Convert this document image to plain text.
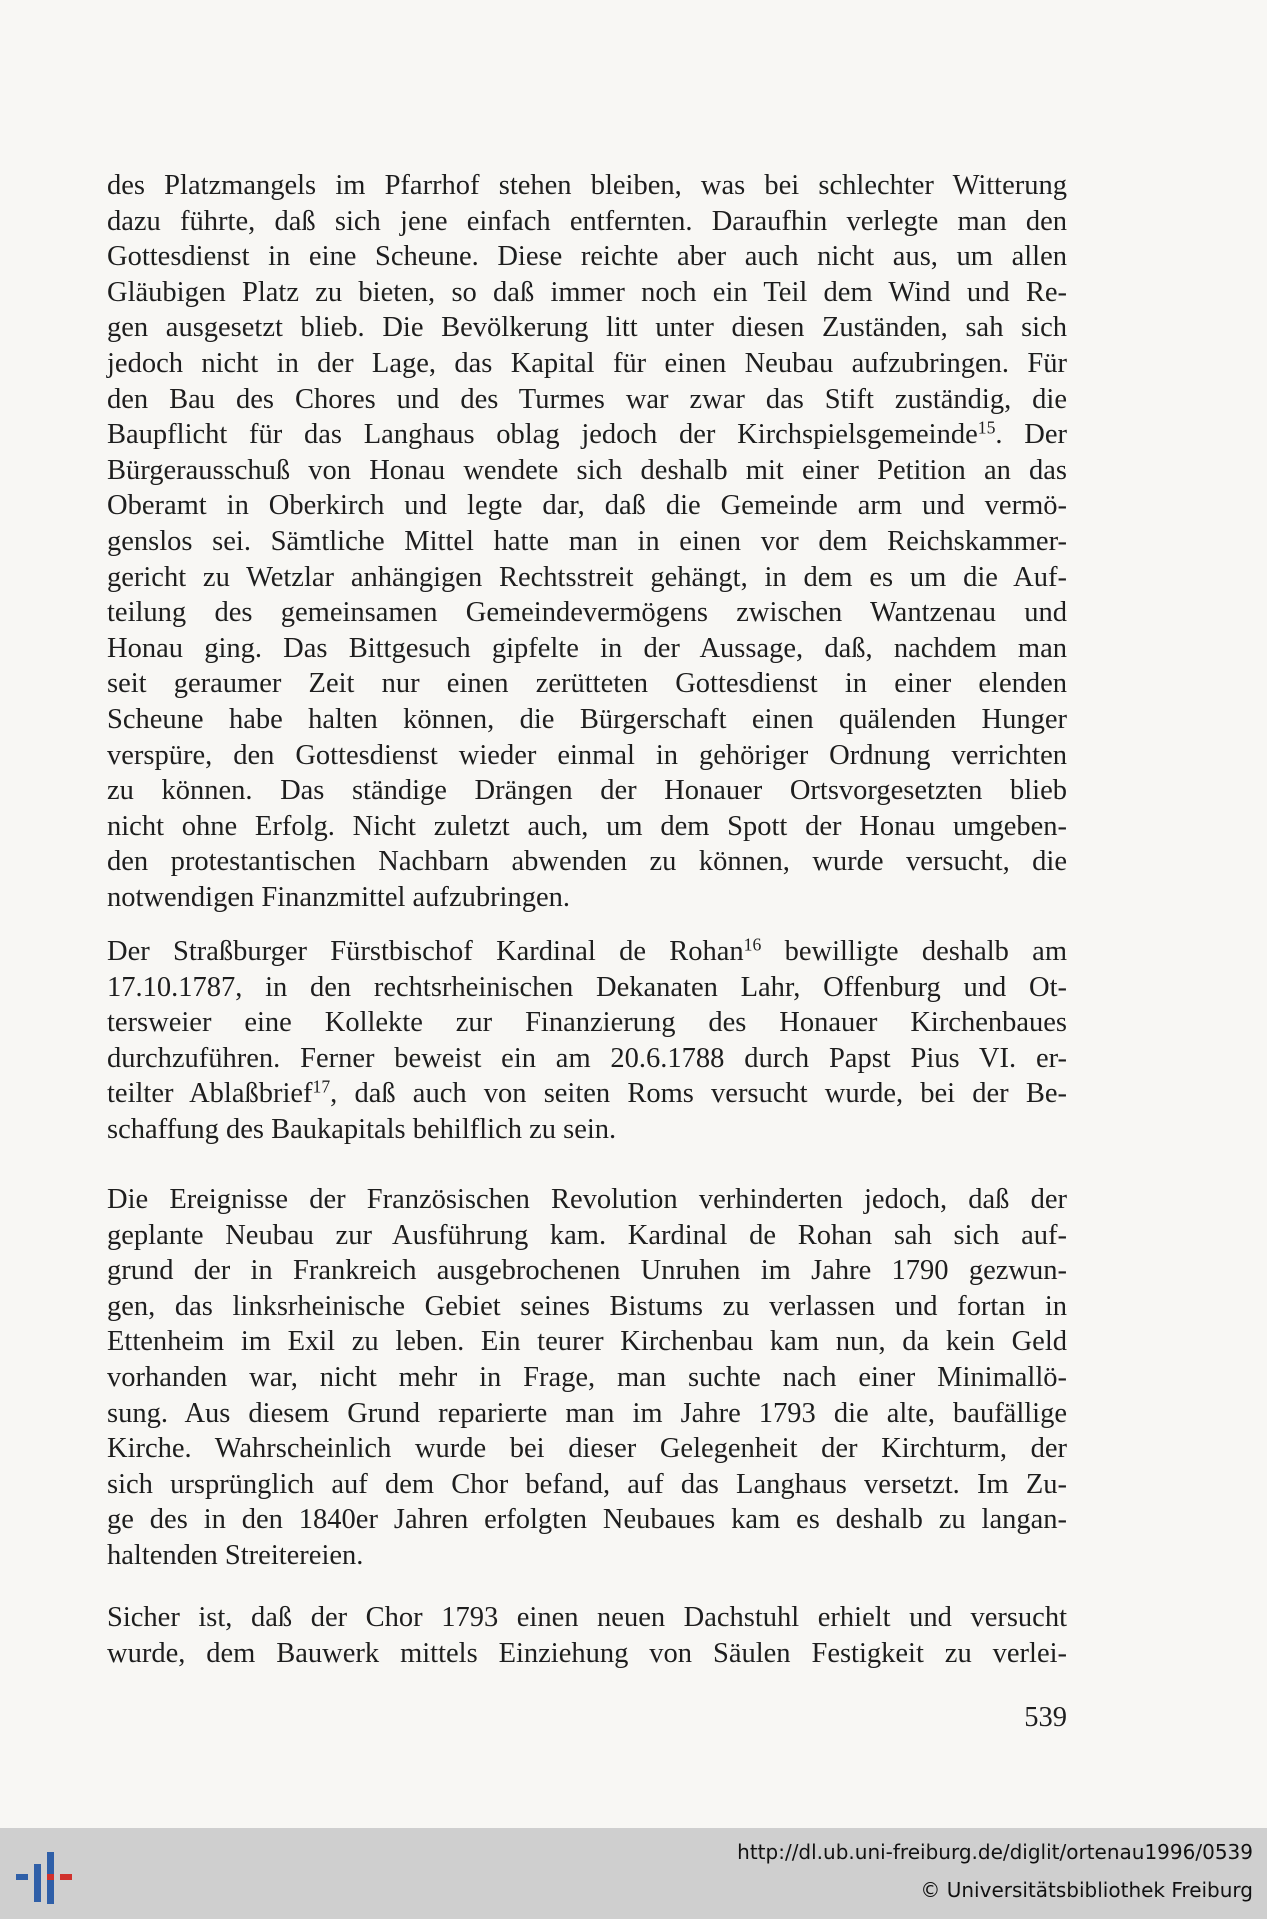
des Platzmangels im Pfarrhof stehen bleiben, was bei schlechter Witterung
dazu führte, daß sich jene einfach entfernten. Daraufhin verlegte man den
Gottesdienst in eine Scheune. Diese reichte aber auch nicht aus, um allen
Gläubigen Platz zu bieten, so daß immer noch ein Teil dem Wind und Re-
gen ausgesetzt blieb. Die Bevölkerung litt unter diesen Zuständen, sah sich
jedoch nicht in der Lage, das Kapital für einen Neubau aufzubringen. Für
den Bau des Chores und des Turmes war zwar das Stift zuständig, die
Baupflicht für das Langhaus oblag jedoch der Kirchspielsgemeinde$^{15}$. Der
Bürgerausschuß von Honau wendete sich deshalb mit einer Petition an das
Oberamt in Oberkirch und legte dar, daß die Gemeinde arm und vermö-
genslos sei. Sämtliche Mittel hatte man in einen vor dem Reichskammer-
gericht zu Wetzlar anhängigen Rechtsstreit gehängt, in dem es um die Auf-
teilung des gemeinsamen Gemeindevermögens zwischen Wantzenau und
Honau ging. Das Bittgesuch gipfelte in der Aussage, daß, nachdem man
seit geraumer Zeit nur einen zerütteten Gottesdienst in einer elenden
Scheune habe halten können, die Bürgerschaft einen quälenden Hunger
verspüre, den Gottesdienst wieder einmal in gehöriger Ordnung verrichten
zu können. Das ständige Drängen der Honauer Ortsvorgesetzten blieb
nicht ohne Erfolg. Nicht zuletzt auch, um dem Spott der Honau umgeben-
den protestantischen Nachbarn abwenden zu können, wurde versucht, die
notwendigen Finanzmittel aufzubringen.
Der Straßburger Fürstbischof Kardinal de Rohan$^{16}$ bewilligte deshalb am
17.10.1787, in den rechtsrheinischen Dekanaten Lahr, Offenburg und Ot-
tersweier eine Kollekte zur Finanzierung des Honauer Kirchenbaues
durchzuführen. Ferner beweist ein am 20.6.1788 durch Papst Pius VI. er-
teilter Ablaßbrief$^{17}$, daß auch von seiten Roms versucht wurde, bei der Be-
schaffung des Baukapitals behilflich zu sein.
Die Ereignisse der Französischen Revolution verhinderten jedoch, daß der
geplante Neubau zur Ausführung kam. Kardinal de Rohan sah sich auf-
grund der in Frankreich ausgebrochenen Unruhen im Jahre 1790 gezwun-
gen, das linksrheinische Gebiet seines Bistums zu verlassen und fortan in
Ettenheim im Exil zu leben. Ein teurer Kirchenbau kam nun, da kein Geld
vorhanden war, nicht mehr in Frage, man suchte nach einer Minimallö-
sung. Aus diesem Grund reparierte man im Jahre 1793 die alte, baufällige
Kirche. Wahrscheinlich wurde bei dieser Gelegenheit der Kirchturm, der
sich ursprünglich auf dem Chor befand, auf das Langhaus versetzt. Im Zu-
ge des in den 1840er Jahren erfolgten Neubaues kam es deshalb zu langan-
haltenden Streitereien.
Sicher ist, daß der Chor 1793 einen neuen Dachstuhl erhielt und versucht
wurde, dem Bauwerk mittels Einziehung von Säulen Festigkeit zu verlei-
539
http://dl.ub.uni-freiburg.de/diglit/ortenau1996/0539
© Universitätsbibliothek Freiburg
